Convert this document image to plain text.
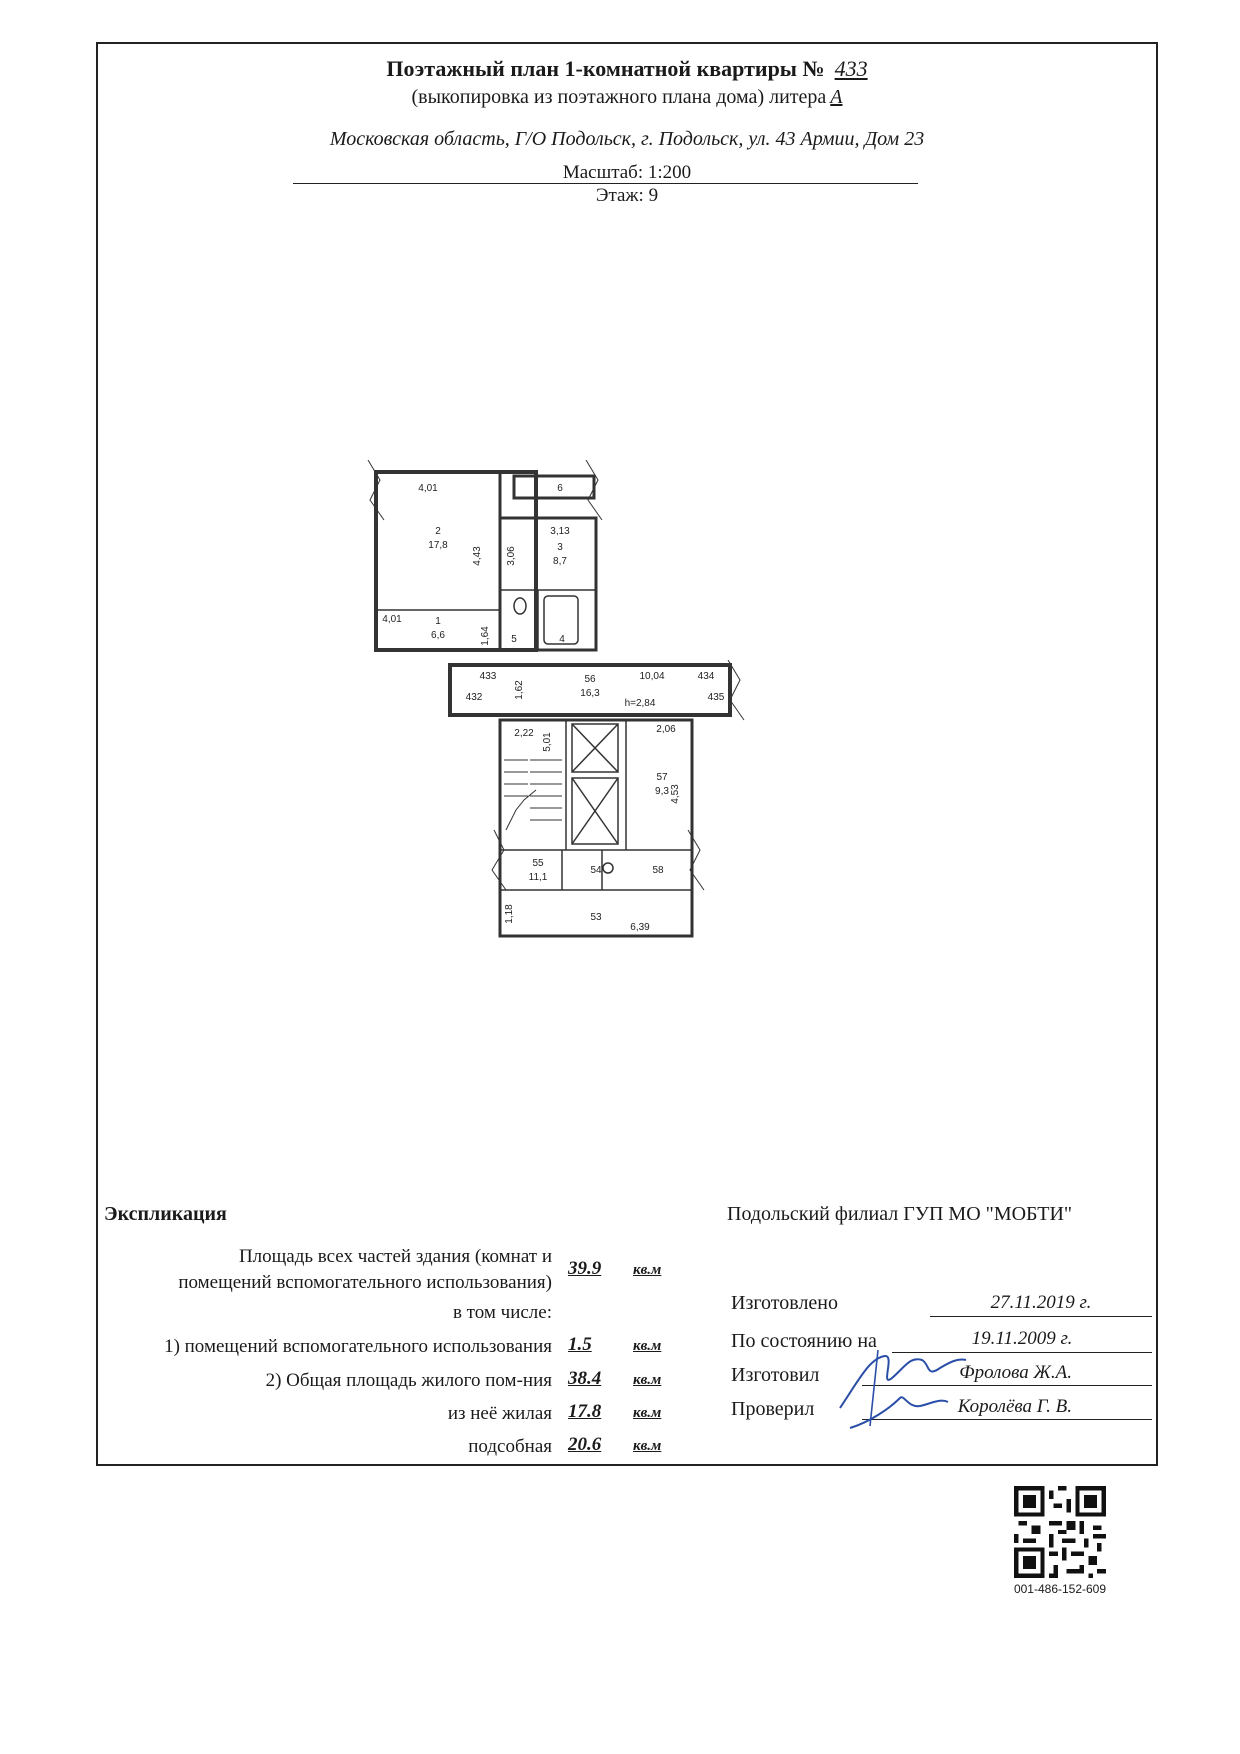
Поэтажный план 1-комнатной квартиры № 433
(выкопировка из поэтажного плана дома) литера А
Московская область, Г/О Подольск, г. Подольск, ул. 43 Армии, Дом 23
Масштаб: 1:200
Этаж: 9
4,01
4,43 3,06
3,13
4,01
1,64
1,62
10,04
2,06
2,22 5,01
4,53
1,18
6,39
2
17,8
1
6,6
3
8,7
6
5	4
56
16,3
57
9,3
55
11,1
54	58
53
h=2,84
433	434
432	435
Экспликация
Площадь всех частей здания (комнат и
помещений вспомогательного использования)
39.9	кв.м
в том числе:
1) помещений вспомогательного использования 1.5	кв.м
2) Общая площадь жилого пом-ния 38.4	кв.м
из неё жилая 17.8	кв.м
подсобная 20.6	кв.м
Подольский филиал ГУП МО "МОБТИ"
Изготовлено	27.11.2019 г.
По состоянию на	19.11.2009 г.
Изготовил	Фролова Ж.А.
Проверил	Королёва Г. В.
001-486-152-609
